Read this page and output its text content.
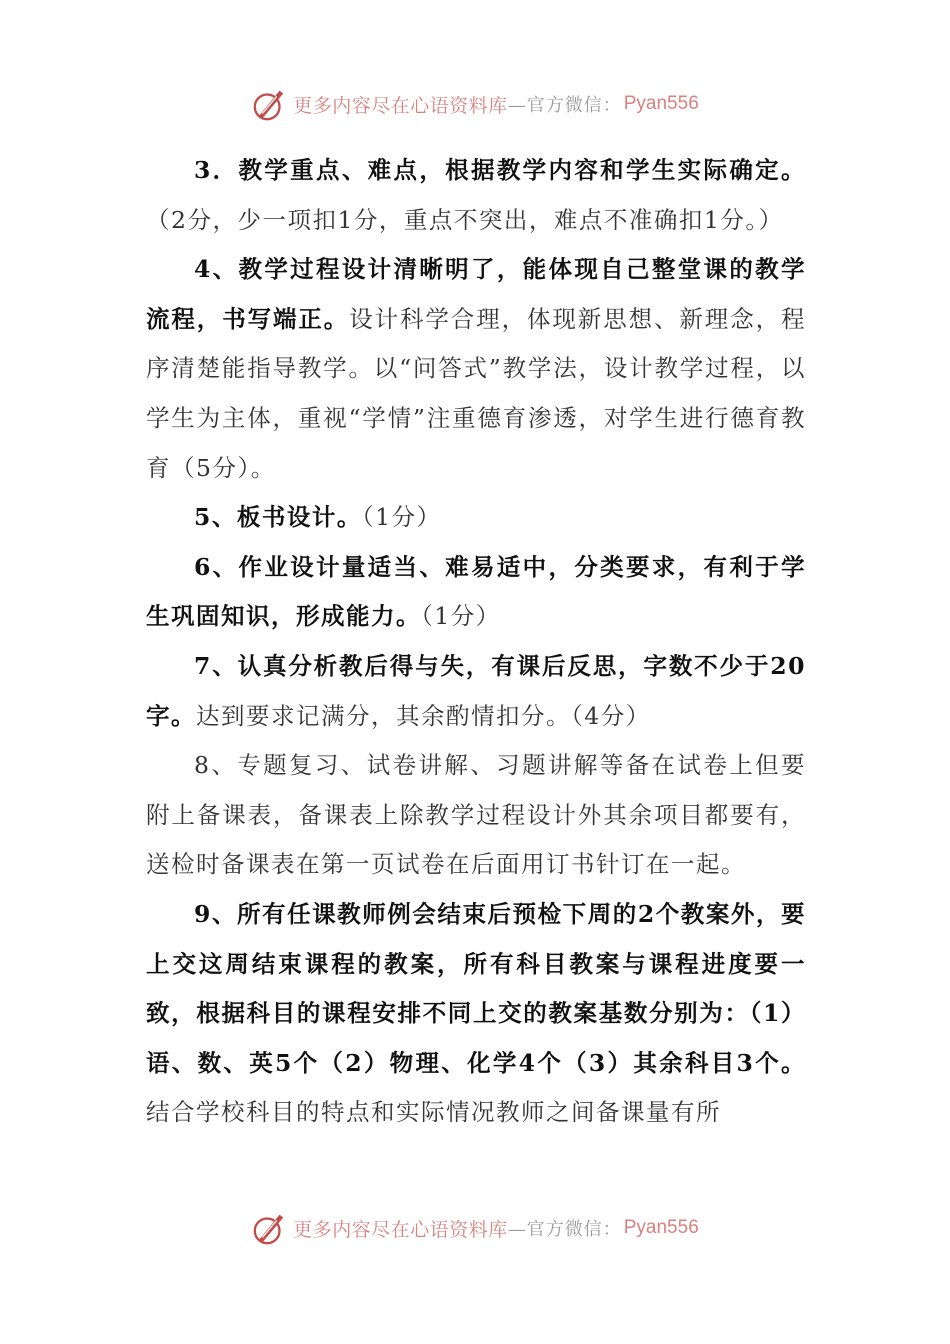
更多内容尽在心语资料库 —官方微信： Pyan556

3．教学重点、难点，根据教学内容和学生实际确定。（2分，少一项扣1分，重点不突出，难点不准确扣1分。）

4、教学过程设计清晰明了，能体现自己整堂课的教学流程，书写端正。设计科学合理，体现新思想、新理念，程序清楚能指导教学。以“问答式”教学法，设计教学过程，以学生为主体，重视“学情”注重德育渗透，对学生进行德育教育（5分）。

5、板书设计。（1分）

6、作业设计量适当、难易适中，分类要求，有利于学生巩固知识，形成能力。（1分）

7、认真分析教后得与失，有课后反思，字数不少于20字。达到要求记满分，其余酌情扣分。（4分）

8、专题复习、试卷讲解、习题讲解等备在试卷上但要附上备课表，备课表上除教学过程设计外其余项目都要有，送检时备课表在第一页试卷在后面用订书针订在一起。

9、所有任课教师例会结束后预检下周的2个教案外，要上交这周结束课程的教案，所有科目教案与课程进度要一致，根据科目的课程安排不同上交的教案基数分别为：（1）语、数、英5个（2）物理、化学4个（3）其余科目3个。结合学校科目的特点和实际情况教师之间备课量有所

更多内容尽在心语资料库 —官方微信： Pyan556
